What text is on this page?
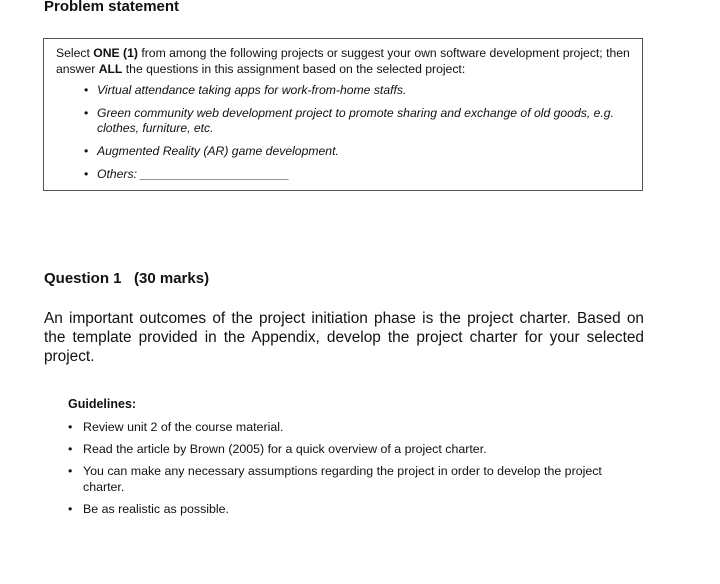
Problem statement

Select ONE (1) from among the following projects or suggest your own software development project; then answer ALL the questions in this assignment based on the selected project:

• Virtual attendance taking apps for work-from-home staffs.
• Green community web development project to promote sharing and exchange of old goods, e.g. clothes, furniture, etc.
• Augmented Reality (AR) game development.
• Others: ______________________
Question 1   (30 marks)

An important outcomes of the project initiation phase is the project charter. Based on the template provided in the Appendix, develop the project charter for your selected project.

Guidelines:
• Review unit 2 of the course material.
• Read the article by Brown (2005) for a quick overview of a project charter.
• You can make any necessary assumptions regarding the project in order to develop the project charter.
• Be as realistic as possible.
